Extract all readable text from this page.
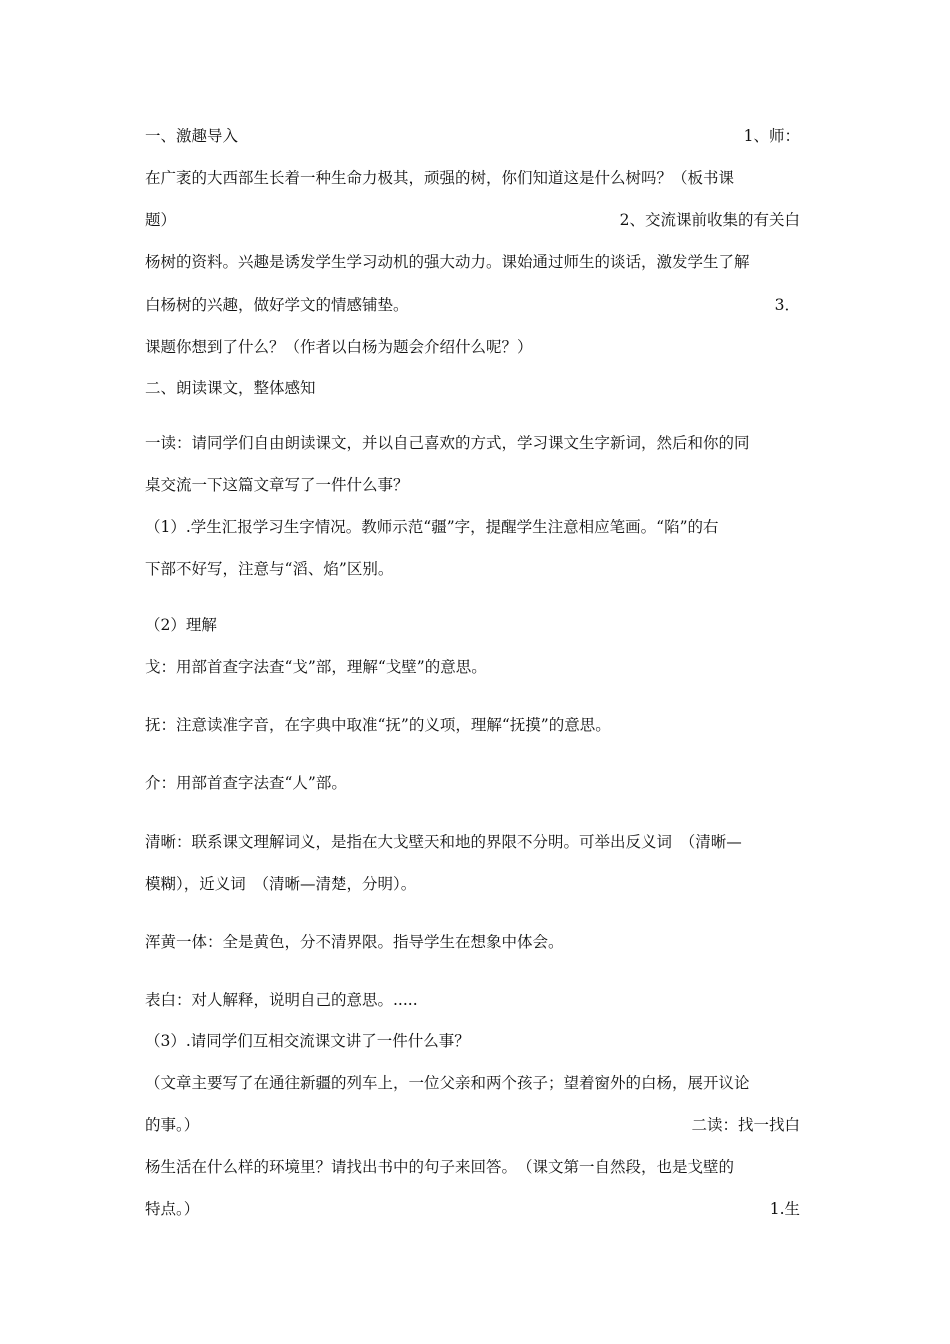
一、激趣导入	1、师：
在广袤的大西部生长着一种生命力极其，顽强的树，你们知道这是什么树吗？（板书课
题）	2、交流课前收集的有关白
杨树的资料。兴趣是诱发学生学习动机的强大动力。课始通过师生的谈话，激发学生了解
白杨树的兴趣，做好学文的情感铺垫。	3．
课题你想到了什么？（作者以白杨为题会介绍什么呢？）
二、朗读课文，整体感知
一读：请同学们自由朗读课文，并以自己喜欢的方式，学习课文生字新词，然后和你的同
桌交流一下这篇文章写了一件什么事？
（1）.学生汇报学习生字情况。教师示范“疆”字，提醒学生注意相应笔画。“陷”的右
下部不好写，注意与“滔、焰”区别。
（2）理解
戈：用部首查字法查“戈”部，理解“戈壁”的意思。
抚：注意读准字音，在字典中取准“抚”的义项，理解“抚摸”的意思。
介：用部首查字法查“人”部。
清晰：联系课文理解词义，是指在大戈壁天和地的界限不分明。可举出反义词　（清晰—
模糊），近义词　（清晰—清楚，分明）。
浑黄一体：全是黄色，分不清界限。指导学生在想象中体会。
表白：对人解释，说明自己的意思。.....
（3）.请同学们互相交流课文讲了一件什么事？
（文章主要写了在通往新疆的列车上，一位父亲和两个孩子；望着窗外的白杨，展开议论
的事。）	二读：找一找白
杨生活在什么样的环境里？请找出书中的句子来回答。　（课文第一自然段，也是戈壁的
特点。）	1.生
